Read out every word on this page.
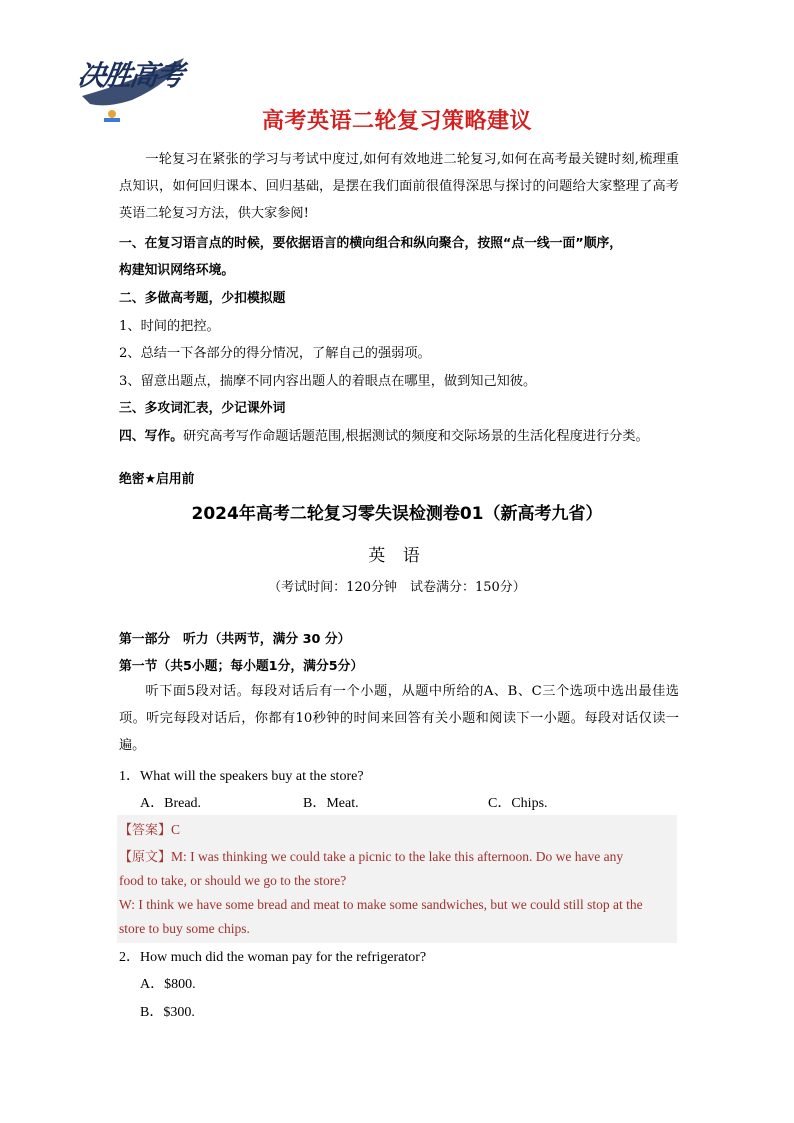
决胜高考
高考英语二轮复习策略建议

一轮复习在紧张的学习与考试中度过,如何有效地进二轮复习,如何在高考最关键时刻,梳理重点知识，如何回归课本、回归基础，是摆在我们面前很值得深思与探讨的问题给大家整理了高考英语二轮复习方法，供大家参阅!

一、在复习语言点的时候，要依据语言的横向组合和纵向聚合，按照“点一线一面”顺序，

构建知识网络环境。

二、多做高考题，少扣模拟题

1、时间的把控。

2、总结一下各部分的得分情况，了解自己的强弱项。

3、留意出题点，揣摩不同内容出题人的着眼点在哪里，做到知己知彼。

三、多攻词汇表，少记课外词

四、写作。研究高考写作命题话题范围,根据测试的频度和交际场景的生活化程度进行分类。

绝密★启用前

2024年高考二轮复习零失误检测卷01（新高考九省）

英 语

（考试时间：120分钟　试卷满分：150分）

第一部分　听力（共两节，满分 30 分）

第一节（共5小题；每小题1分，满分5分）

听下面5段对话。每段对话后有一个小题，从题中所给的A、B、C三个选项中选出最佳选项。听完每段对话后，你都有10秒钟的时间来回答有关小题和阅读下一小题。每段对话仅读一遍。

1．What will the speakers buy at the store?

A．Bread.	B．Meat.	C．Chips.

【答案】C

【原文】M: I was thinking we could take a picnic to the lake this afternoon. Do we have any

food to take, or should we go to the store?

W: I think we have some bread and meat to make some sandwiches, but we could still stop at the

store to buy some chips.

2．How much did the woman pay for the refrigerator?

A．$800.

B．$300.
